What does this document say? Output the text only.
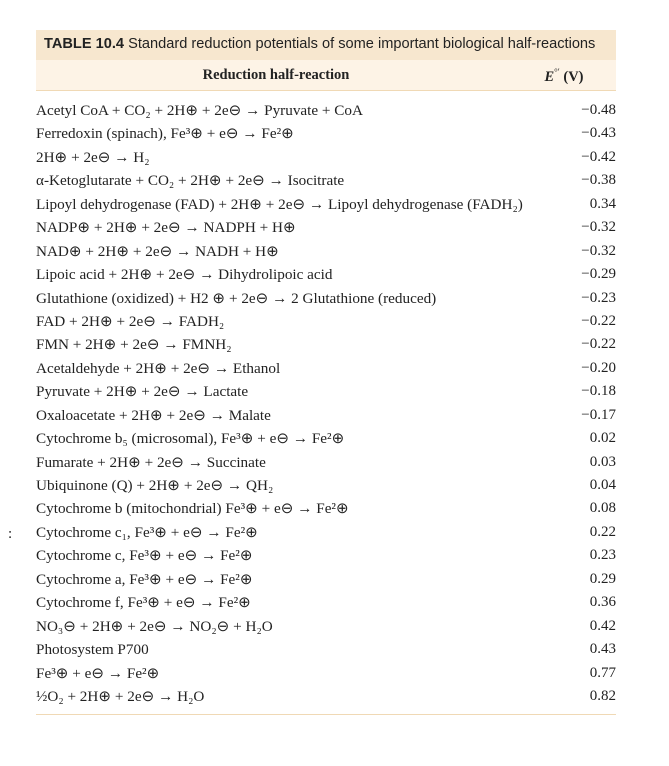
TABLE 10.4 Standard reduction potentials of some important biological half-reactions
Reduction half-reaction	E°′ (V)
Acetyl CoA + CO₂ + 2H⊕ + 2e⊖ → Pyruvate + CoA	−0.48
Ferredoxin (spinach), Fe³⊕ + e⊖ → Fe²⊕	−0.43
2H⊕ + 2e⊖ → H₂	−0.42
α-Ketoglutarate + CO₂ + 2H⊕ + 2e⊖ → Isocitrate	−0.38
Lipoyl dehydrogenase (FAD) + 2H⊕ + 2e⊖ → Lipoyl dehydrogenase (FADH₂)	0.34
NADP⊕ + 2H⊕ + 2e⊖ → NADPH + H⊕	−0.32
NAD⊕ + 2H⊕ + 2e⊖ → NADH + H⊕	−0.32
Lipoic acid + 2H⊕ + 2e⊖ → Dihydrolipoic acid	−0.29
Glutathione (oxidized) + H2 ⊕ + 2e⊖ → 2 Glutathione (reduced)	−0.23
FAD + 2H⊕ + 2e⊖ → FADH₂	−0.22
FMN + 2H⊕ + 2e⊖ → FMNH₂	−0.22
Acetaldehyde + 2H⊕ + 2e⊖ → Ethanol	−0.20
Pyruvate + 2H⊕ + 2e⊖ → Lactate	−0.18
Oxaloacetate + 2H⊕ + 2e⊖ → Malate	−0.17
Cytochrome b₅ (microsomal), Fe³⊕ + e⊖ → Fe²⊕	0.02
Fumarate + 2H⊕ + 2e⊖ → Succinate	0.03
Ubiquinone (Q) + 2H⊕ + 2e⊖ → QH₂	0.04
Cytochrome b (mitochondrial) Fe³⊕ + e⊖ → Fe²⊕	0.08
Cytochrome c₁, Fe³⊕ + e⊖ → Fe²⊕	0.22
Cytochrome c, Fe³⊕ + e⊖ → Fe²⊕	0.23
Cytochrome a, Fe³⊕ + e⊖ → Fe²⊕	0.29
Cytochrome f, Fe³⊕ + e⊖ → Fe²⊕	0.36
NO₃⊖ + 2H⊕ + 2e⊖ → NO₂⊖ + H₂O	0.42
Photosystem P700	0.43
Fe³⊕ + e⊖ → Fe²⊕	0.77
½O₂ + 2H⊕ + 2e⊖ → H₂O	0.82
:
